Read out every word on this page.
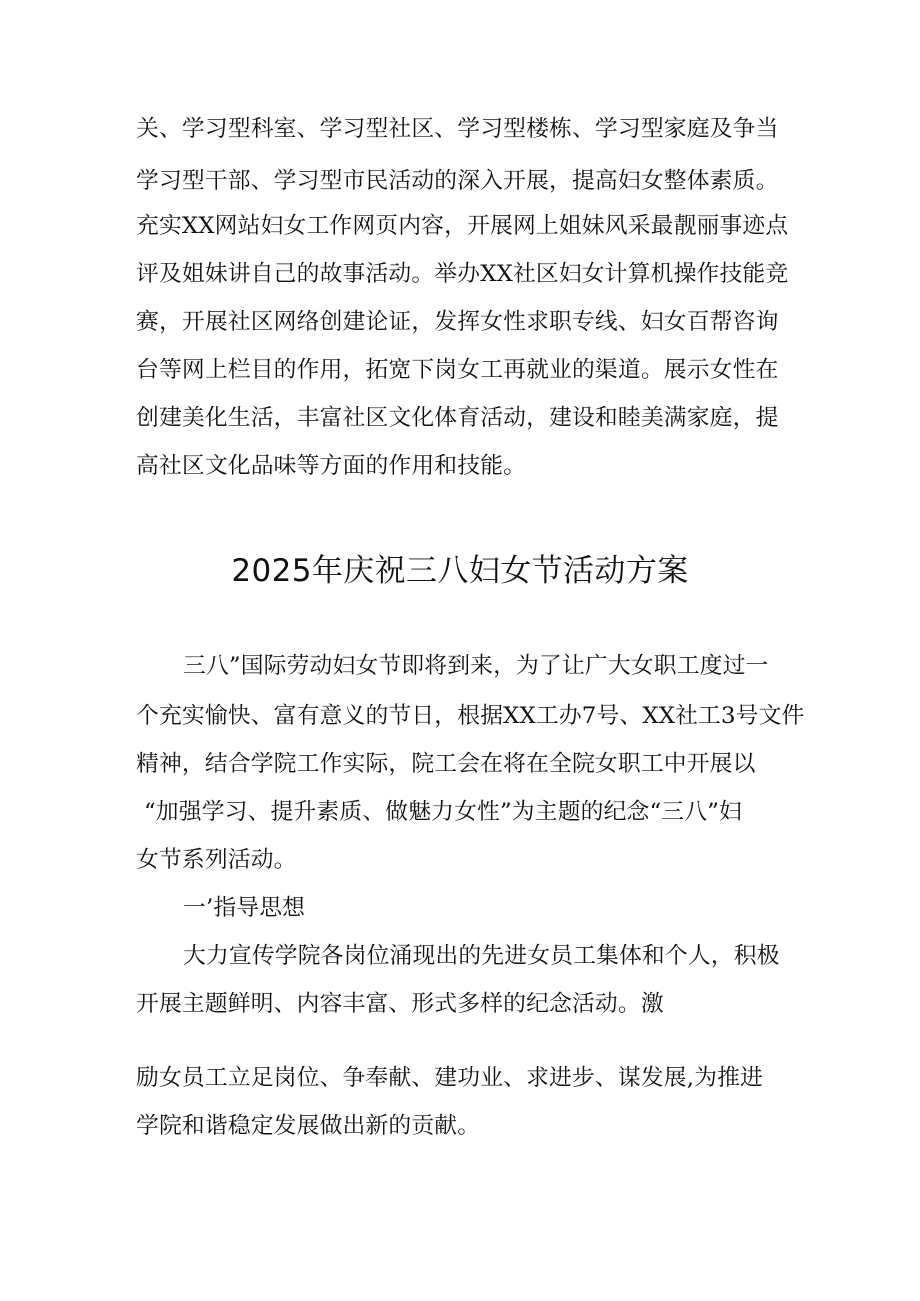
关、学习型科室、学习型社区、学习型楼栋、学习型家庭及争当
学习型干部、学习型市民活动的深入开展，提高妇女整体素质。
充实XX网站妇女工作网页内容，开展网上姐妹风采最靓丽事迹点
评及姐妹讲自己的故事活动。举办XX社区妇女计算机操作技能竞
赛，开展社区网络创建论证，发挥女性求职专线、妇女百帮咨询
台等网上栏目的作用，拓宽下岗女工再就业的渠道。展示女性在
创建美化生活，丰富社区文化体育活动，建设和睦美满家庭，提
高社区文化品味等方面的作用和技能。
2025年庆祝三八妇女节活动方案
三八”国际劳动妇女节即将到来，为了让广大女职工度过一
个充实愉快、富有意义的节日，根据XX工办7号、XX社工3号文件
精神，结合学院工作实际，院工会在将在全院女职工中开展以
“加强学习、提升素质、做魅力女性”为主题的纪念“三八”妇
女节系列活动。
一’指导思想
大力宣传学院各岗位涌现出的先进女员工集体和个人，积极
开展主题鲜明、内容丰富、形式多样的纪念活动。激
励女员工立足岗位、争奉献、建功业、求进步、谋发展,为推进
学院和谐稳定发展做出新的贡献。
